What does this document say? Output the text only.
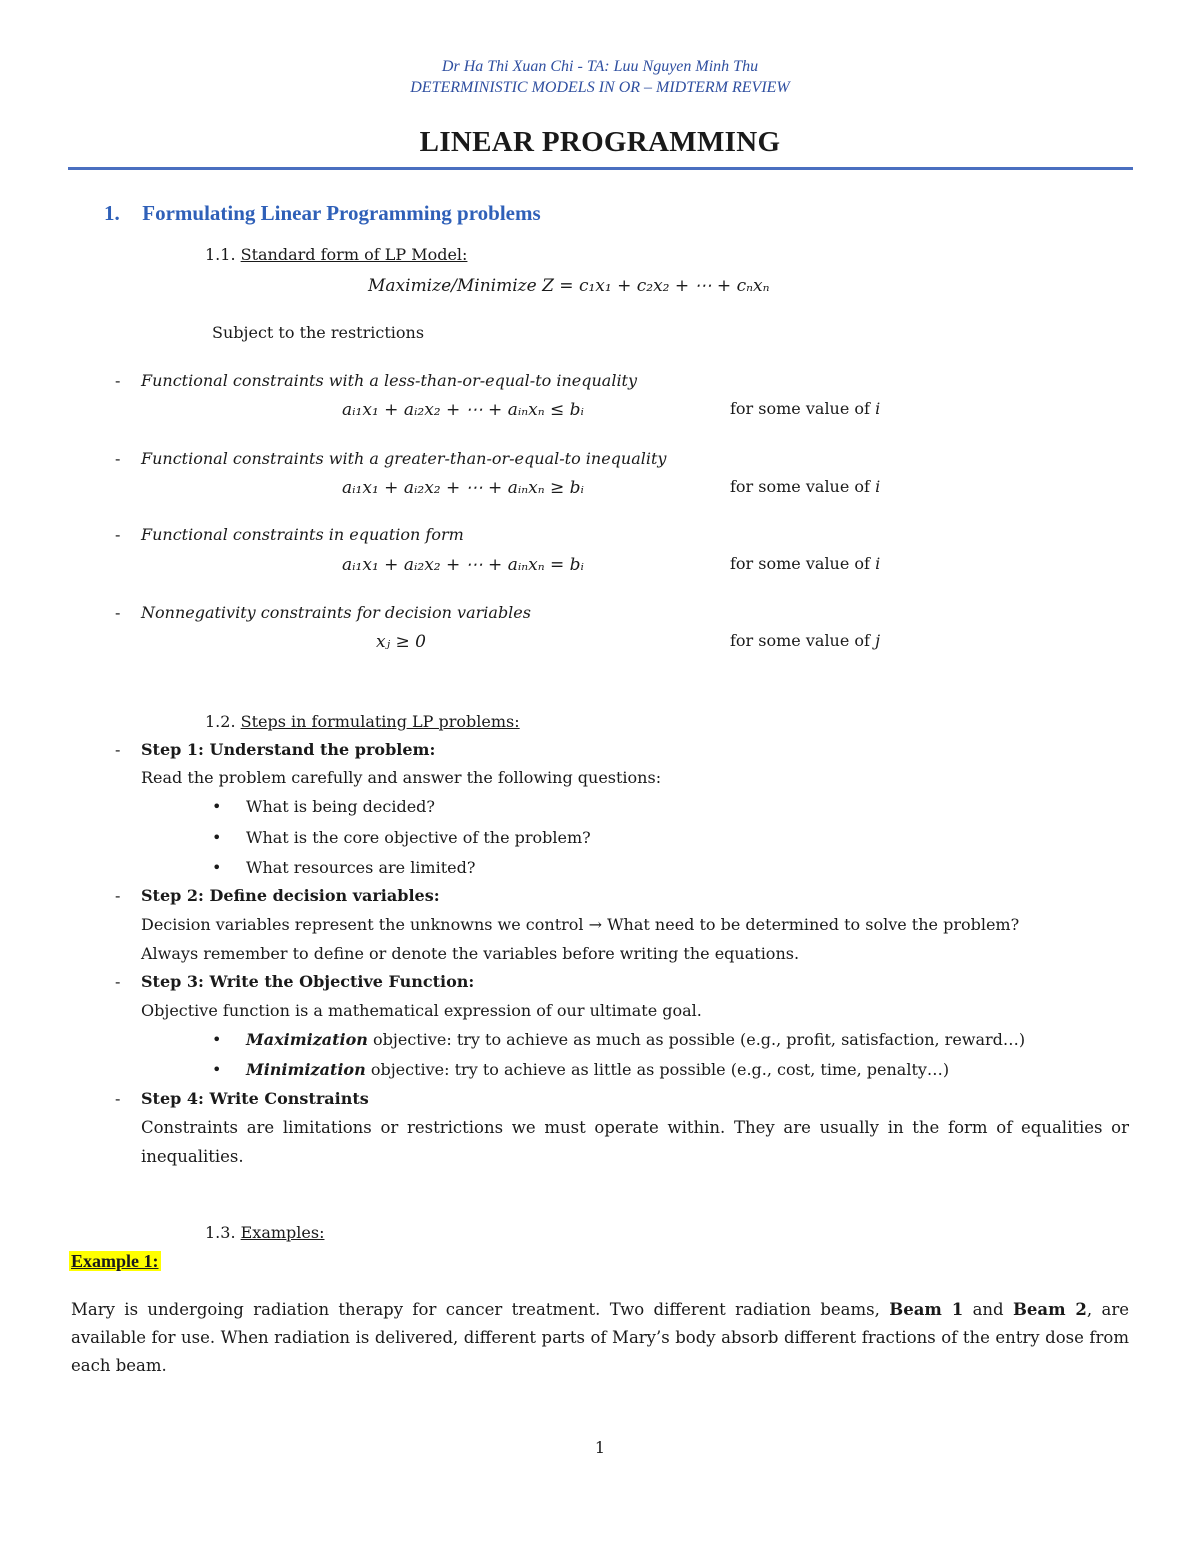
Dr Ha Thi Xuan Chi - TA: Luu Nguyen Minh Thu
DETERMINISTIC MODELS IN OR – MIDTERM REVIEW
LINEAR PROGRAMMING
1. Formulating Linear Programming problems
1.1. Standard form of LP Model:
Maximize/Minimize Z = c₁x₁ + c₂x₂ + ⋯ + cₙxₙ
Subject to the restrictions
- Functional constraints with a less-than-or-equal-to inequality
aᵢ₁x₁ + aᵢ₂x₂ + ⋯ + aᵢₙxₙ ≤ bᵢ	for some value of i
- Functional constraints with a greater-than-or-equal-to inequality
aᵢ₁x₁ + aᵢ₂x₂ + ⋯ + aᵢₙxₙ ≥ bᵢ	for some value of i
- Functional constraints in equation form
aᵢ₁x₁ + aᵢ₂x₂ + ⋯ + aᵢₙxₙ = bᵢ	for some value of i
- Nonnegativity constraints for decision variables
xⱼ ≥ 0	for some value of j
1.2. Steps in formulating LP problems:
- Step 1: Understand the problem:
Read the problem carefully and answer the following questions:
• What is being decided?
• What is the core objective of the problem?
• What resources are limited?
- Step 2: Define decision variables:
Decision variables represent the unknowns we control → What need to be determined to solve the problem?
Always remember to define or denote the variables before writing the equations.
- Step 3: Write the Objective Function:
Objective function is a mathematical expression of our ultimate goal.
• Maximization objective: try to achieve as much as possible (e.g., profit, satisfaction, reward…)
• Minimization objective: try to achieve as little as possible (e.g., cost, time, penalty…)
- Step 4: Write Constraints
Constraints are limitations or restrictions we must operate within. They are usually in the form of equalities or inequalities.
1.3. Examples:
Example 1:
Mary is undergoing radiation therapy for cancer treatment. Two different radiation beams, Beam 1 and Beam 2, are available for use. When radiation is delivered, different parts of Mary’s body absorb different fractions of the entry dose from each beam.
1
